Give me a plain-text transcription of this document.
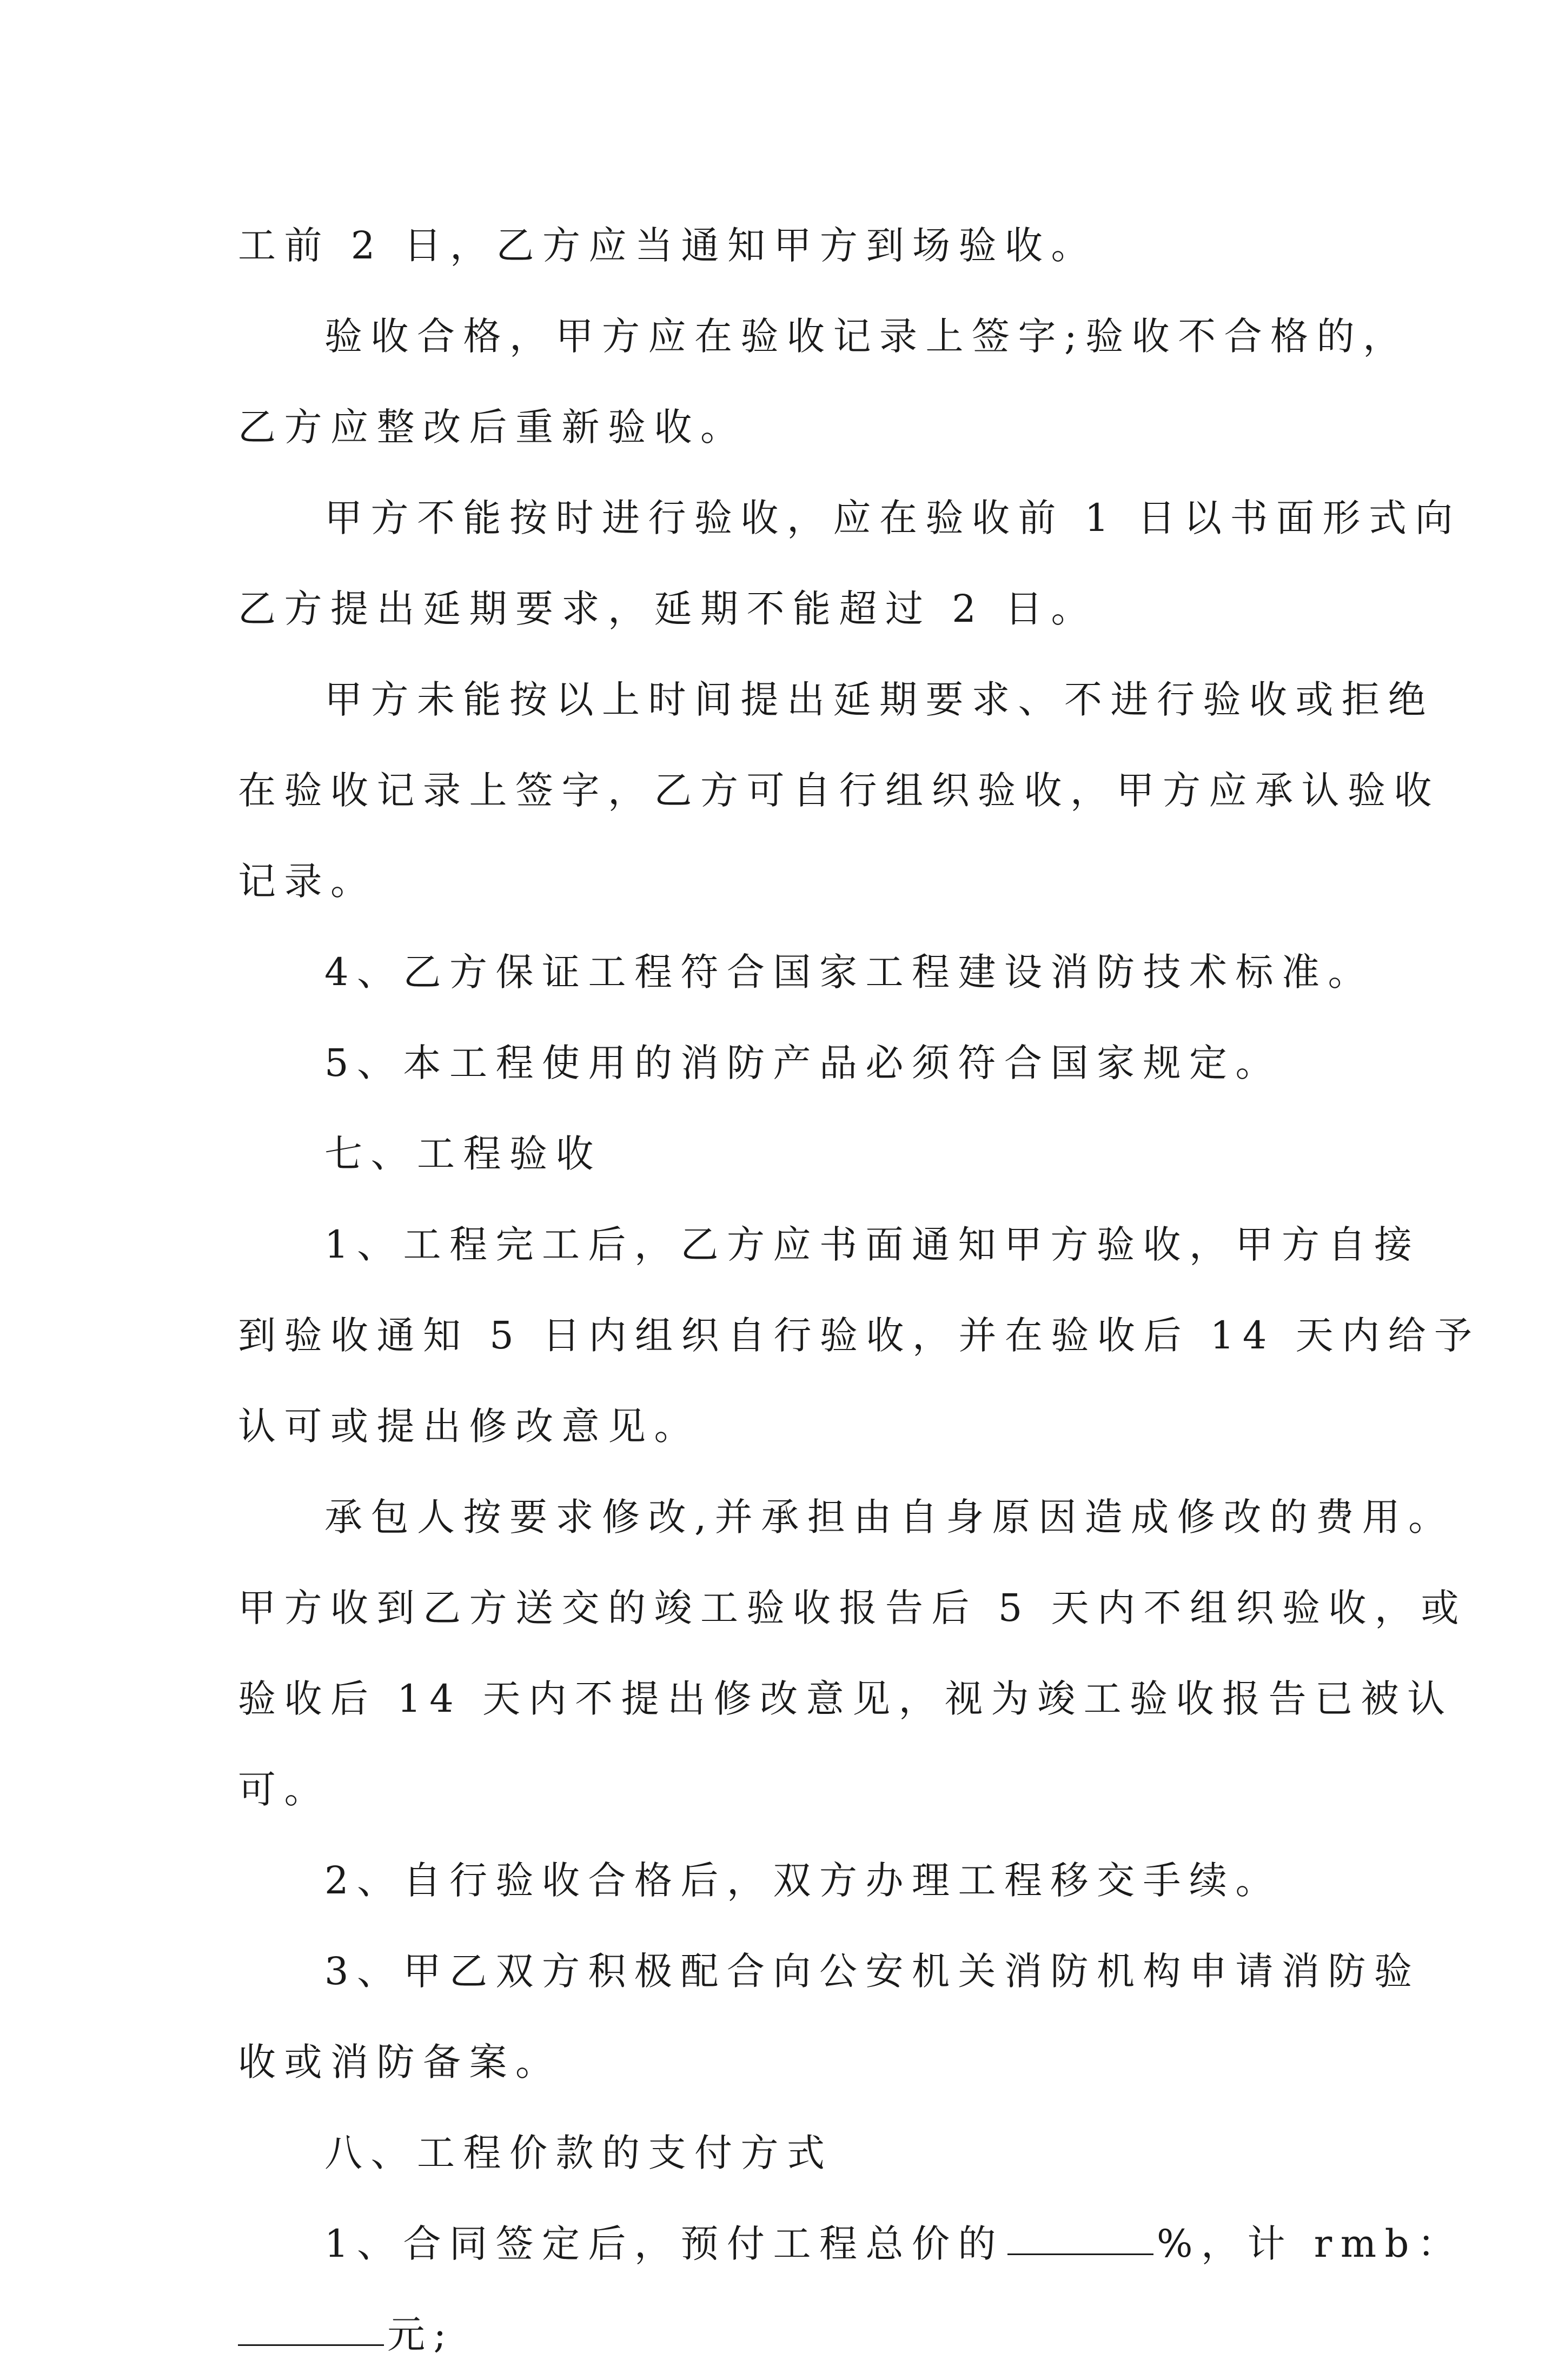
工前 2 日，乙方应当通知甲方到场验收。

验收合格，甲方应在验收记录上签字;验收不合格的，
乙方应整改后重新验收。

甲方不能按时进行验收，应在验收前 1 日以书面形式向
乙方提出延期要求，延期不能超过 2 日。

甲方未能按以上时间提出延期要求、不进行验收或拒绝
在验收记录上签字，乙方可自行组织验收，甲方应承认验收
记录。

4、乙方保证工程符合国家工程建设消防技术标准。

5、本工程使用的消防产品必须符合国家规定。

七、工程验收

1、工程完工后，乙方应书面通知甲方验收，甲方自接
到验收通知 5 日内组织自行验收，并在验收后 14 天内给予
认可或提出修改意见。

承包人按要求修改,并承担由自身原因造成修改的费用。
甲方收到乙方送交的竣工验收报告后 5 天内不组织验收，或
验收后 14 天内不提出修改意见，视为竣工验收报告已被认
可。

2、自行验收合格后，双方办理工程移交手续。

3、甲乙双方积极配合向公安机关消防机构申请消防验
收或消防备案。

八、工程价款的支付方式

1、合同签定后，预付工程总价的	%，计 rmb：
元;
